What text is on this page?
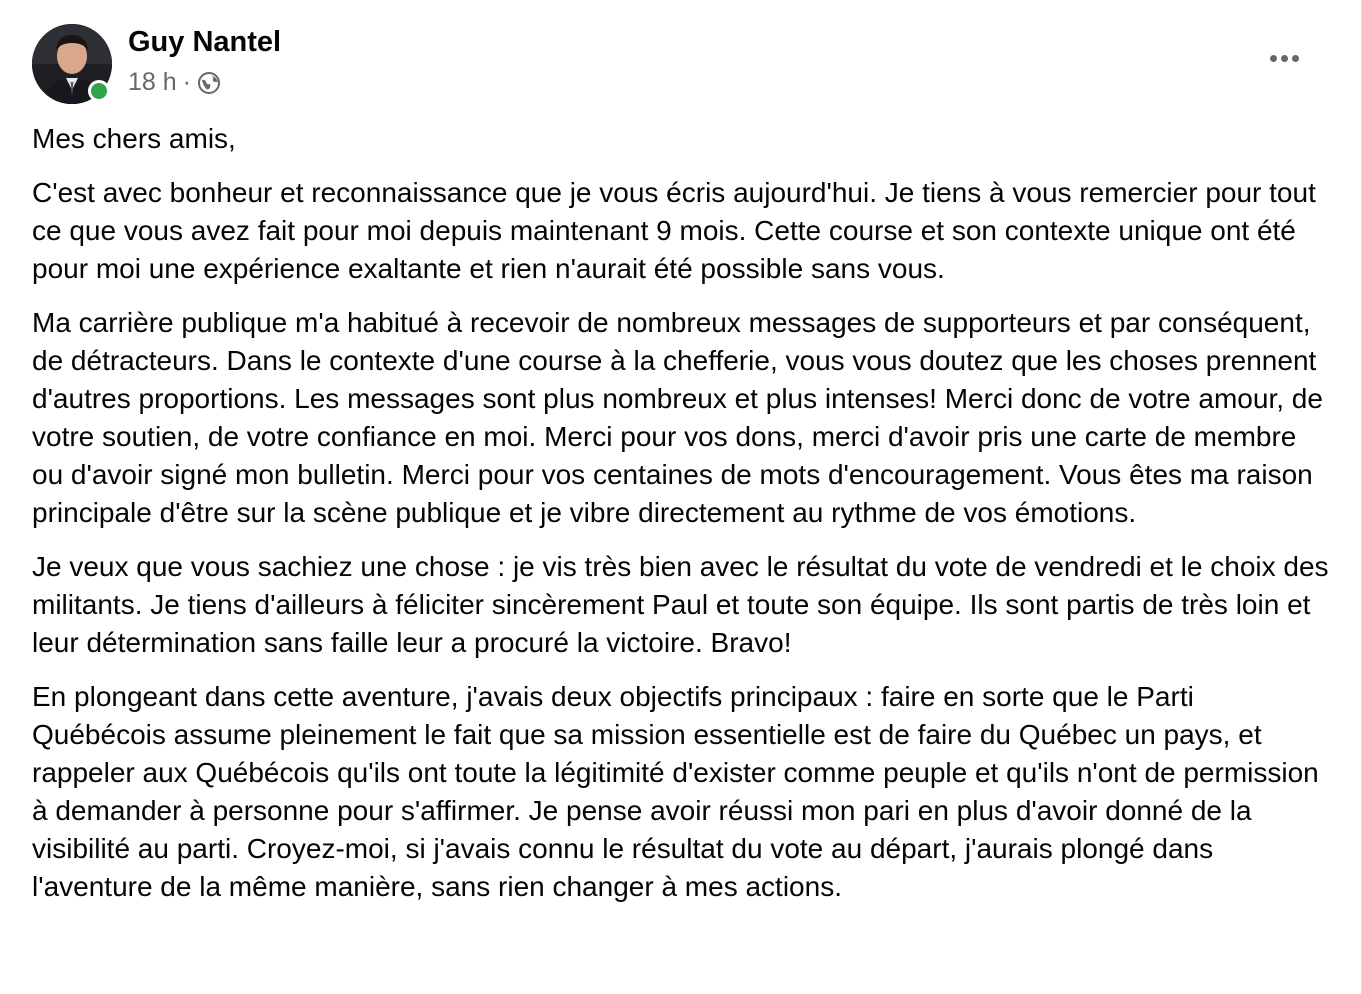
Guy Nantel
18 h ·

Mes chers amis,

C'est avec bonheur et reconnaissance que je vous écris aujourd'hui. Je tiens à vous remercier pour tout ce que vous avez fait pour moi depuis maintenant 9 mois. Cette course et son contexte unique ont été pour moi une expérience exaltante et rien n'aurait été possible sans vous.

Ma carrière publique m'a habitué à recevoir de nombreux messages de supporteurs et par conséquent, de détracteurs. Dans le contexte d'une course à la chefferie, vous vous doutez que les choses prennent d'autres proportions. Les messages sont plus nombreux et plus intenses! Merci donc de votre amour, de votre soutien, de votre confiance en moi. Merci pour vos dons, merci d'avoir pris une carte de membre ou d'avoir signé mon bulletin. Merci pour vos centaines de mots d'encouragement. Vous êtes ma raison principale d'être sur la scène publique et je vibre directement au rythme de vos émotions.

Je veux que vous sachiez une chose : je vis très bien avec le résultat du vote de vendredi et le choix des militants. Je tiens d'ailleurs à féliciter sincèrement Paul et toute son équipe. Ils sont partis de très loin et leur détermination sans faille leur a procuré la victoire. Bravo!

En plongeant dans cette aventure, j'avais deux objectifs principaux : faire en sorte que le Parti Québécois assume pleinement le fait que sa mission essentielle est de faire du Québec un pays, et rappeler aux Québécois qu'ils ont toute la légitimité d'exister comme peuple et qu'ils n'ont de permission à demander à personne pour s'affirmer. Je pense avoir réussi mon pari en plus d'avoir donné de la visibilité au parti. Croyez-moi, si j'avais connu le résultat du vote au départ, j'aurais plongé dans l'aventure de la même manière, sans rien changer à mes actions.
